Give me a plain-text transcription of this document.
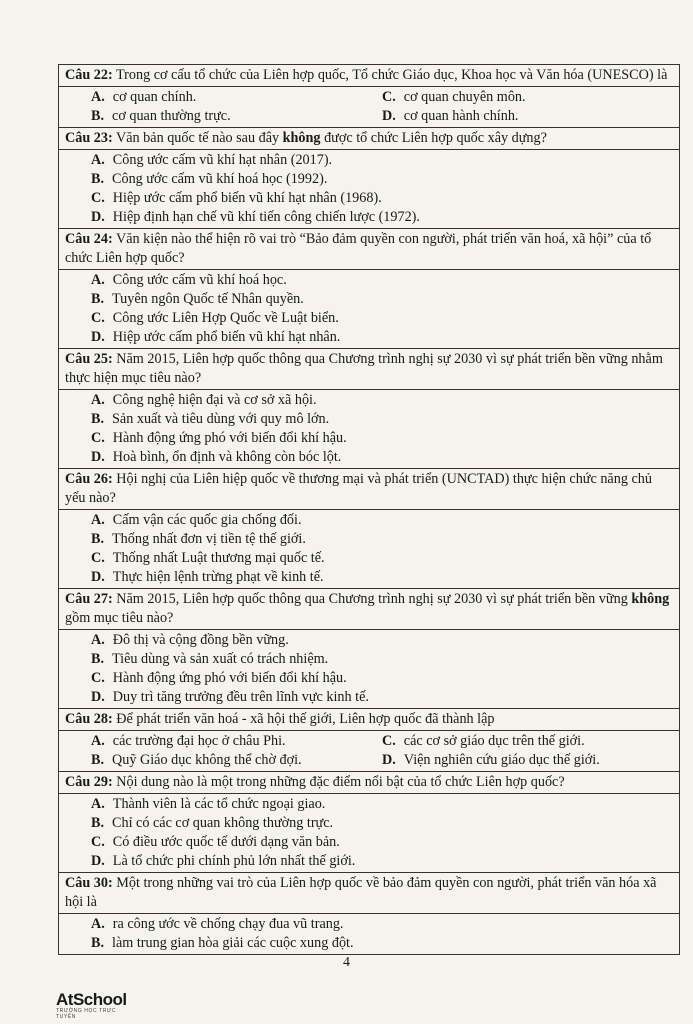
Câu 22: Trong cơ cấu tổ chức của Liên hợp quốc, Tổ chức Giáo dục, Khoa học và Văn hóa (UNESCO) là

A. cơ quan chính.	C. cơ quan chuyên môn.
B. cơ quan thường trực.	D. cơ quan hành chính.

Câu 23: Văn bản quốc tế nào sau đây không được tổ chức Liên hợp quốc xây dựng?

A. Công ước cấm vũ khí hạt nhân (2017).
B. Công ước cấm vũ khí hoá học (1992).
C. Hiệp ước cấm phổ biến vũ khí hạt nhân (1968).
D. Hiệp định hạn chế vũ khí tiến công chiến lược (1972).

Câu 24: Văn kiện nào thể hiện rõ vai trò “Bảo đảm quyền con người, phát triển văn hoá, xã hội” của tổ chức Liên hợp quốc?

A. Công ước cấm vũ khí hoá học.
B. Tuyên ngôn Quốc tế Nhân quyền.
C. Công ước Liên Hợp Quốc về Luật biển.
D. Hiệp ước cấm phổ biến vũ khí hạt nhân.

Câu 25: Năm 2015, Liên hợp quốc thông qua Chương trình nghị sự 2030 vì sự phát triển bền vững nhằm thực hiện mục tiêu nào?

A. Công nghệ hiện đại và cơ sở xã hội.
B. Sản xuất và tiêu dùng với quy mô lớn.
C. Hành động ứng phó với biến đổi khí hậu.
D. Hoà bình, ổn định và không còn bóc lột.

Câu 26: Hội nghị của Liên hiệp quốc về thương mại và phát triển (UNCTAD) thực hiện chức năng chủ yếu nào?

A. Cấm vận các quốc gia chống đối.
B. Thống nhất đơn vị tiền tệ thế giới.
C. Thống nhất Luật thương mại quốc tế.
D. Thực hiện lệnh trừng phạt về kinh tế.

Câu 27: Năm 2015, Liên hợp quốc thông qua Chương trình nghị sự 2030 vì sự phát triển bền vững không gồm mục tiêu nào?

A. Đô thị và cộng đồng bền vững.
B. Tiêu dùng và sản xuất có trách nhiệm.
C. Hành động ứng phó với biến đổi khí hậu.
D. Duy trì tăng trưởng đều trên lĩnh vực kinh tế.

Câu 28: Để phát triển văn hoá - xã hội thế giới, Liên hợp quốc đã thành lập

A. các trường đại học ở châu Phi.	C. các cơ sở giáo dục trên thế giới.
B. Quỹ Giáo dục không thể chờ đợi.	D. Viện nghiên cứu giáo dục thế giới.

Câu 29: Nội dung nào là một trong những đặc điểm nổi bật của tổ chức Liên hợp quốc?

A. Thành viên là các tổ chức ngoại giao.
B. Chỉ có các cơ quan không thường trực.
C. Có điều ước quốc tế dưới dạng văn bản.
D. Là tổ chức phi chính phủ lớn nhất thế giới.

Câu 30: Một trong những vai trò của Liên hợp quốc về bảo đảm quyền con người, phát triển văn hóa xã hội là

A. ra công ước về chống chạy đua vũ trang.
B. làm trung gian hòa giải các cuộc xung đột.
4
AtSchool
TRƯỜNG HỌC TRỰC TUYẾN
